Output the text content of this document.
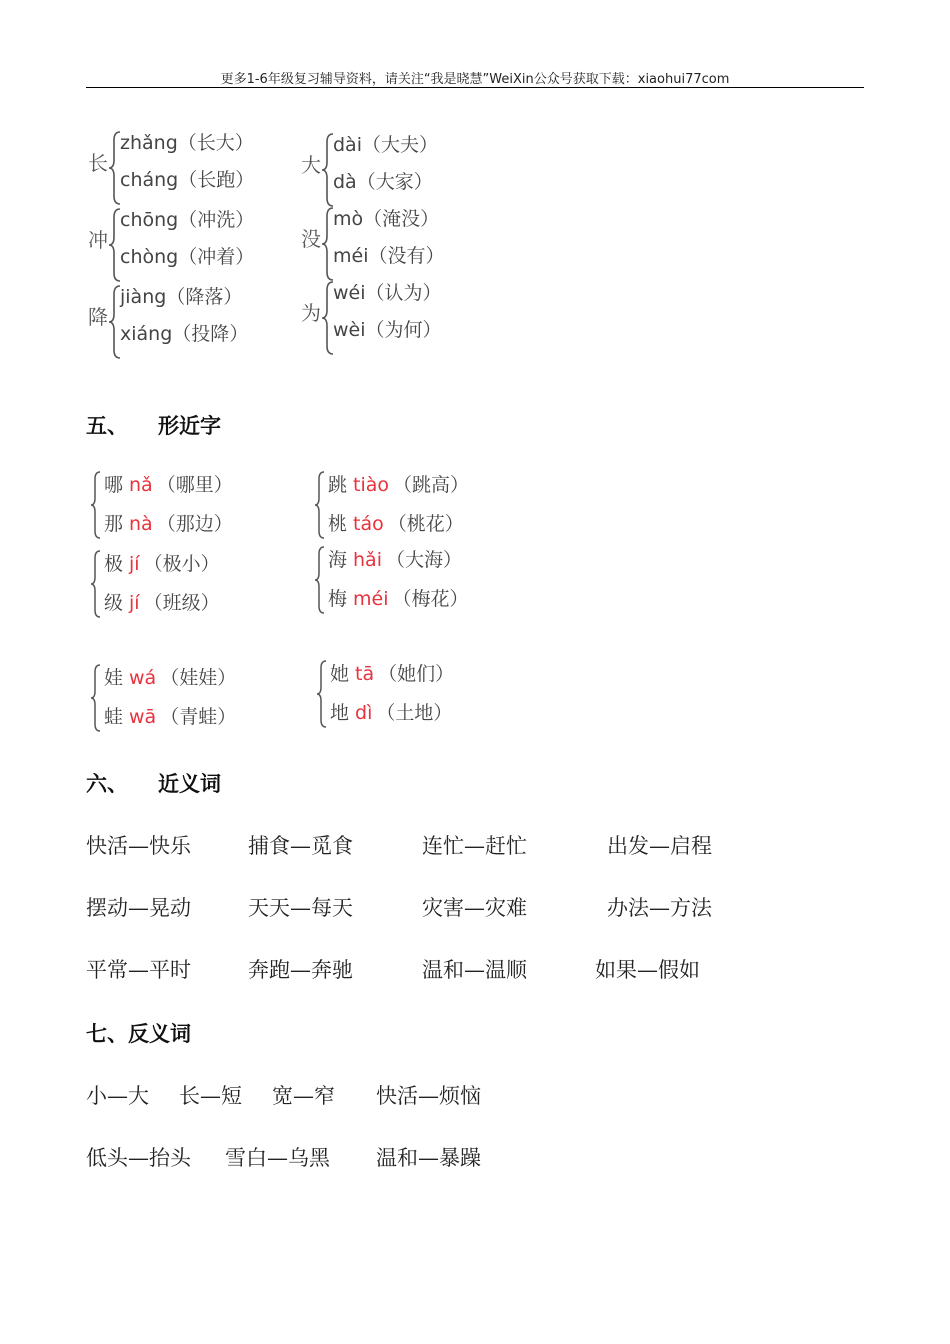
更多1-6年级复习辅导资料，请关注“我是晓慧”WeiXin公众号获取下载：xiaohui77com
长
zhǎng（长大）
cháng（长跑）
大
dài（大夫）
dà（大家）
冲
chōng（冲洗）
chòng（冲着）
没
mò（淹没）
méi（没有）
降
jiàng（降落）
xiáng（投降）
为
wéi（认为）
wèi（为何）
五、 形近字
哪 nǎ （哪里）
那 nà （那边）
跳 tiào （跳高）
桃 táo （桃花）
极 jí （极小）
级 jí （班级）
海 hǎi （大海）
梅 méi （梅花）
娃 wá （娃娃）
蛙 wā （青蛙）
她 tā （她们）
地 dì （土地）
六、 近义词
快活—快乐	捕食—觅食	连忙—赶忙	出发—启程
摆动—晃动	天天—每天	灾害—灾难	办法—方法
平常—平时	奔跑—奔驰	温和—温顺	如果—假如
七、反义词
小—大 长—短 宽—窄 快活—烦恼
低头—抬头 雪白—乌黑 温和—暴躁
